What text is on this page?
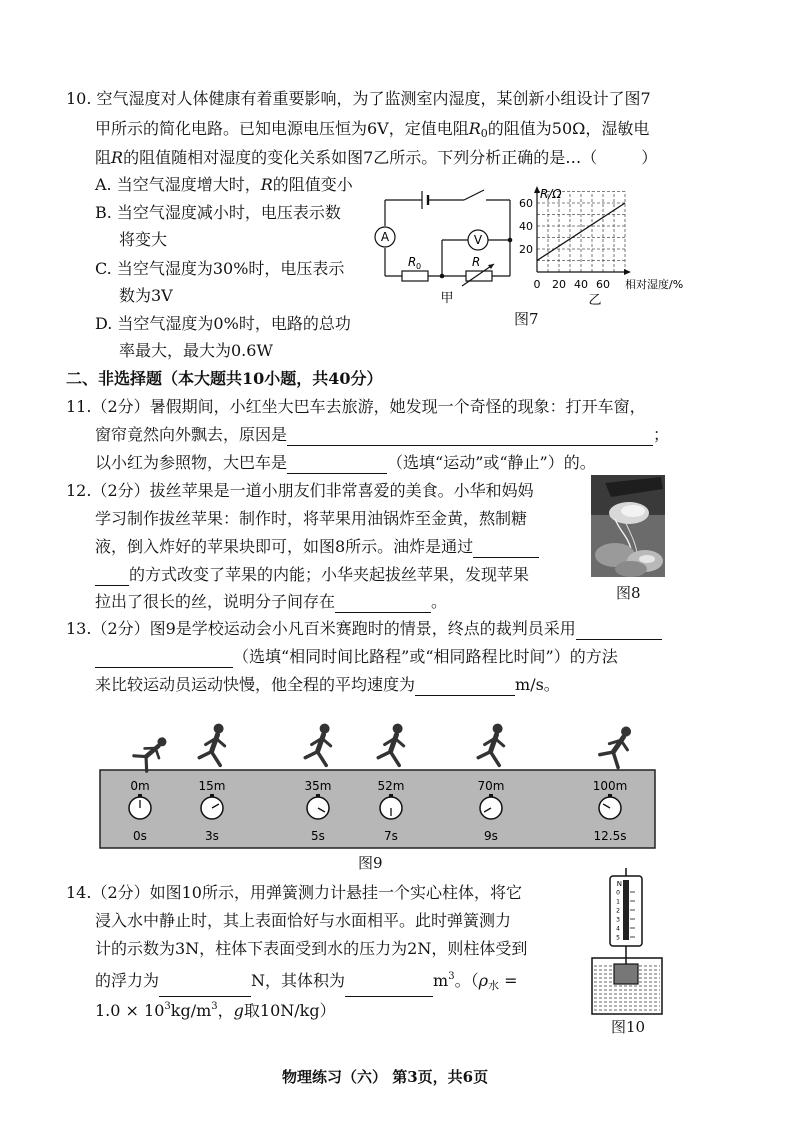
10. 空气湿度对人体健康有着重要影响，为了监测室内湿度，某创新小组设计了图7
甲所示的简化电路。已知电源电压恒为6V，定值电阻$R_0$的阻值为50Ω，湿敏电
阻R的阻值随相对湿度的变化关系如图7乙所示。下列分析正确的是…（	）
A. 当空气湿度增大时，R的阻值变小
B. 当空气湿度减小时，电压表示数
将变大
C. 当空气湿度为30%时，电压表示
数为3V
D. 当空气湿度为0%时，电路的总功
率最大，最大为0.6W
A	V
R 0	R
甲
R/Ω
60
40
20
0 20 40 60 相对湿度/%
乙
图7
二、非选择题（本大题共10小题，共40分）
11.（2分）暑假期间，小红坐大巴车去旅游，她发现一个奇怪的现象：打开车窗，
窗帘竟然向外飘去，原因是	；
以小红为参照物，大巴车是	（选填“运动”或“静止”）的。
12.（2分）拔丝苹果是一道小朋友们非常喜爱的美食。小华和妈妈
学习制作拔丝苹果：制作时，将苹果用油锅炸至金黄，熬制糖
液，倒入炸好的苹果块即可，如图8所示。油炸是通过
的方式改变了苹果的内能；小华夹起拔丝苹果，发现苹果
拉出了很长的丝，说明分子间存在	。	图8
13.（2分）图9是学校运动会小凡百米赛跑时的情景，终点的裁判员采用
（选填“相同时间比路程”或“相同路程比时间”）的方法
来比较运动员运动快慢，他全程的平均速度为	m/s。
0m
0s
15m
3s
35m
5s
52m
7s
70m
9s
100m
12.5s
图9
14.（2分）如图10所示，用弹簧测力计悬挂一个实心柱体，将它
浸入水中静止时，其上表面恰好与水面相平。此时弹簧测力
计的示数为3N，柱体下表面受到水的压力为2N，则柱体受到
的浮力为	N，其体积为	$m^3$。（$\rho_水$ =
$1.0 \times 10^3kg/m^3$，g取10N/kg）
0
1
2
3
4
5
N
图10
物理练习（六） 第3页，共6页
